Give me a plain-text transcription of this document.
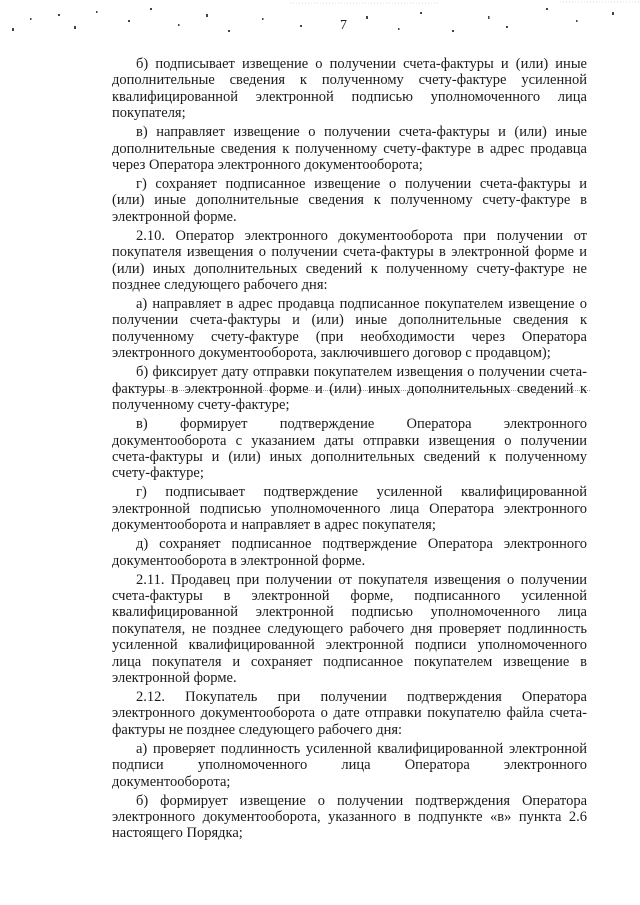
7

б) подписывает извещение о получении счета-фактуры и (или) иные дополнительные сведения к полученному счету-фактуре усиленной квалифицированной электронной подписью уполномоченного лица покупателя;

в) направляет извещение о получении счета-фактуры и (или) иные дополнительные сведения к полученному счету-фактуре в адрес продавца через Оператора электронного документооборота;

г) сохраняет подписанное извещение о получении счета-фактуры и (или) иные дополнительные сведения к полученному счету-фактуре в электронной форме.

2.10. Оператор электронного документооборота при получении от покупателя извещения о получении счета-фактуры в электронной форме и (или) иных дополнительных сведений к полученному счету-фактуре не позднее следующего рабочего дня:

а) направляет в адрес продавца подписанное покупателем извещение о получении счета-фактуры и (или) иные дополнительные сведения к полученному счету-фактуре (при необходимости через Оператора электронного документооборота, заключившего договор с продавцом);

б) фиксирует дату отправки покупателем извещения о получении счета-фактуры в электронной форме и (или) иных дополнительных сведений к полученному счету-фактуре;

в) формирует подтверждение Оператора электронного документооборота с указанием даты отправки извещения о получении счета-фактуры и (или) иных дополнительных сведений к полученному счету-фактуре;

г) подписывает подтверждение усиленной квалифицированной электронной подписью уполномоченного лица Оператора электронного документооборота и направляет в адрес покупателя;

д) сохраняет подписанное подтверждение Оператора электронного документооборота в электронной форме.

2.11. Продавец при получении от покупателя извещения о получении счета-фактуры в электронной форме, подписанного усиленной квалифицированной электронной подписью уполномоченного лица покупателя, не позднее следующего рабочего дня проверяет подлинность усиленной квалифицированной электронной подписи уполномоченного лица покупателя и сохраняет подписанное покупателем извещение в электронной форме.

2.12. Покупатель при получении подтверждения Оператора электронного документооборота о дате отправки покупателю файла счета-фактуры не позднее следующего рабочего дня:

а) проверяет подлинность усиленной квалифицированной электронной подписи уполномоченного лица Оператора электронного документооборота;

б) формирует извещение о получении подтверждения Оператора электронного документооборота, указанного в подпункте «в» пункта 2.6 настоящего Порядка;
